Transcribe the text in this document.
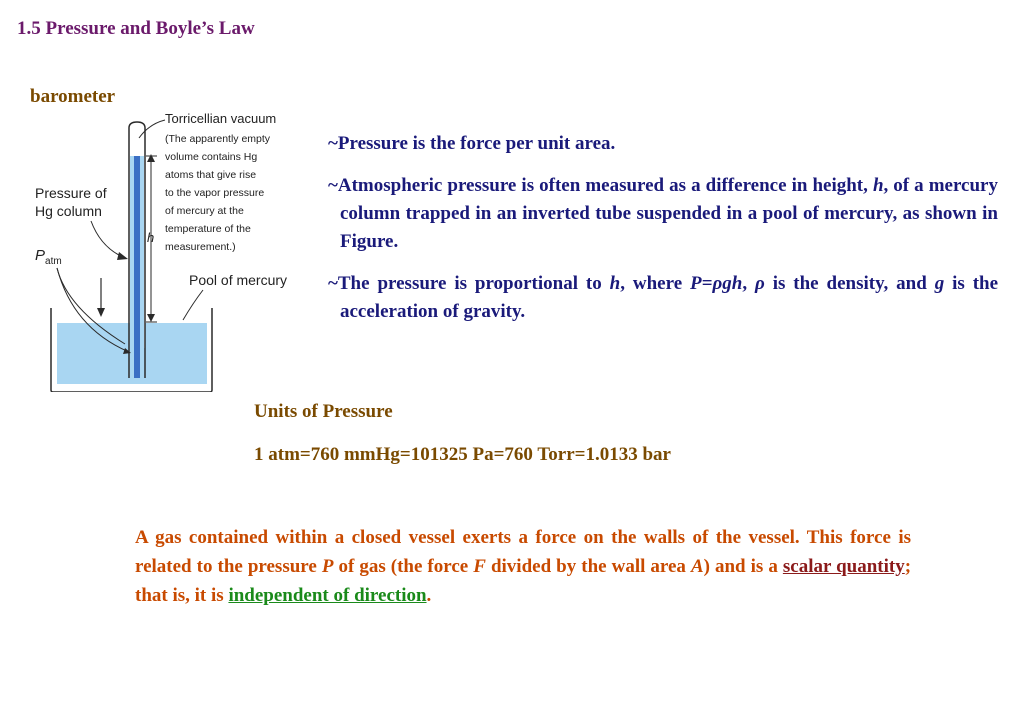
1.5 Pressure and Boyle’s Law
barometer
h
Torricellian vacuum
(The apparently empty
volume contains Hg
atoms that give rise
to the vapor pressure
of mercury at the
temperature of the
measurement.)
Pressure of
Hg column
$P_{atm}$
Pool of mercury
~Pressure is the force per unit area.
~Atmospheric pressure is often measured as a difference in height, h, of a mercury column trapped in an inverted tube suspended in a pool of mercury, as shown in Figure.
~The pressure is proportional to h, where P=ρgh, ρ is the density, and g is the acceleration of gravity.
Units of Pressure
1 atm=760 mmHg=101325 Pa=760 Torr=1.0133 bar
A gas contained within a closed vessel exerts a force on the walls of the vessel. This force is related to the pressure P of gas (the force F divided by the wall area A) and is a scalar quantity; that is, it is independent of direction.
